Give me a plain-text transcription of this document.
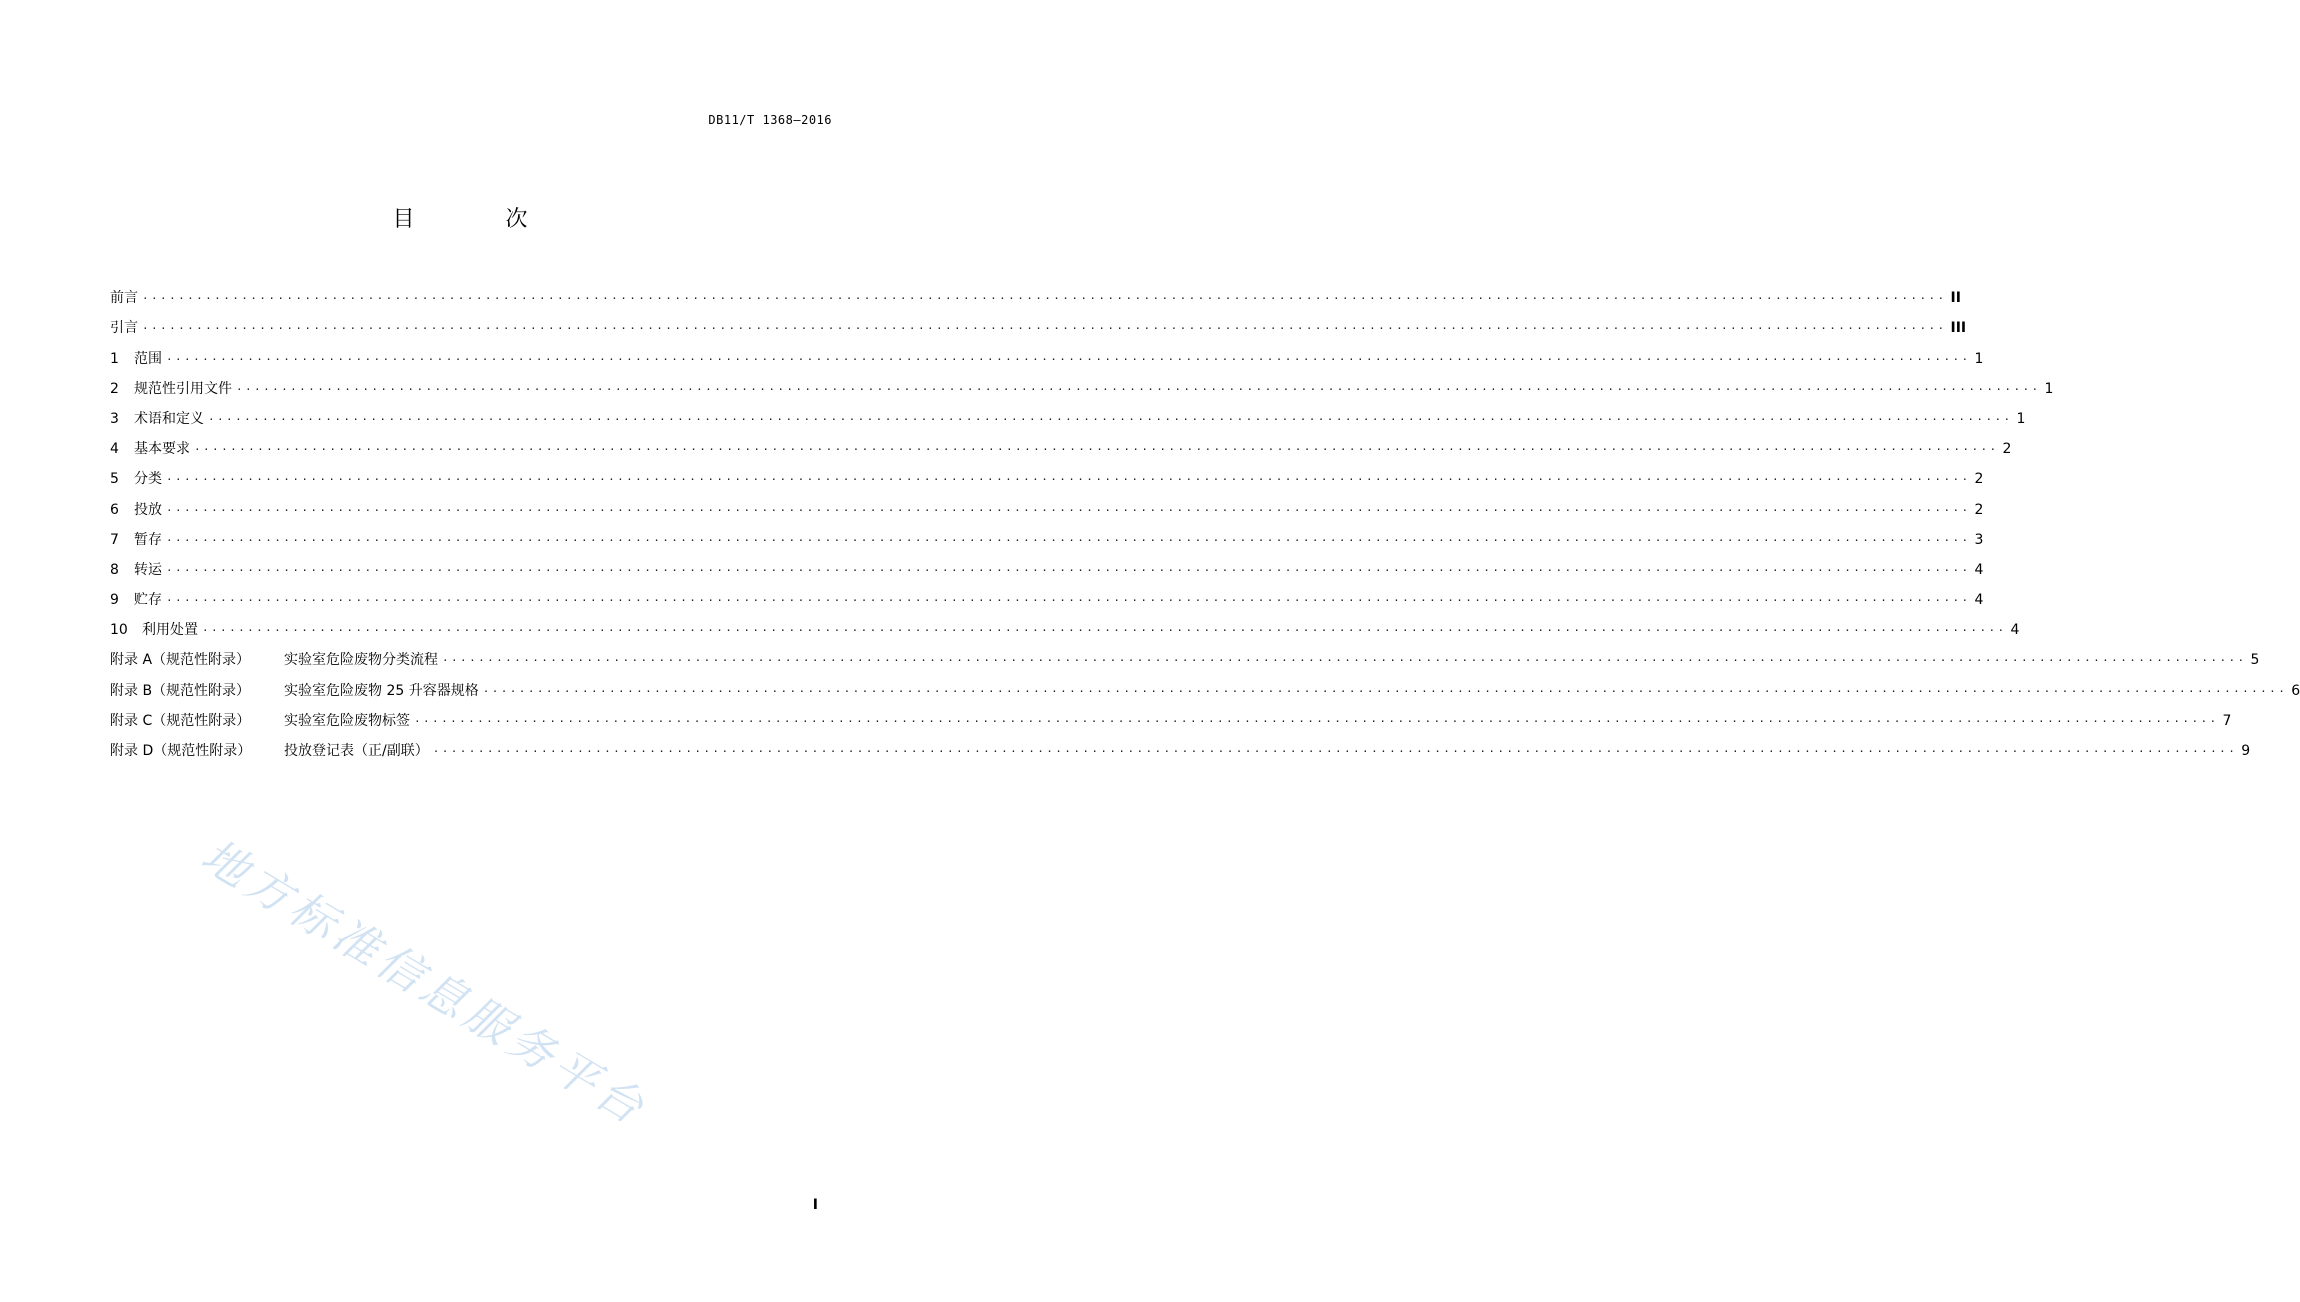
DB11/T 1368—2016
目 次
前言 ........................................................................................................................................................................................................ II
引言 ........................................................................................................................................................................................................ III
1 范围 ........................................................................................................................................................................................................ 1
2 规范性引用文件 ........................................................................................................................................................................................................ 1
3 术语和定义 ........................................................................................................................................................................................................ 1
4 基本要求 ........................................................................................................................................................................................................ 2
5 分类 ........................................................................................................................................................................................................ 2
6 投放 ........................................................................................................................................................................................................ 2
7 暂存 ........................................................................................................................................................................................................ 3
8 转运 ........................................................................................................................................................................................................ 4
9 贮存 ........................................................................................................................................................................................................ 4
10 利用处置 ........................................................................................................................................................................................................ 4
附录 A（规范性附录） 实验室危险废物分类流程 ........................................................................................................................................................................................................ 5
附录 B（规范性附录） 实验室危险废物 25 升容器规格 ........................................................................................................................................................................................................ 6
附录 C（规范性附录） 实验室危险废物标签 ........................................................................................................................................................................................................ 7
附录 D（规范性附录） 投放登记表（正/副联） ........................................................................................................................................................................................................ 9
地方标准信息服务平台
I
